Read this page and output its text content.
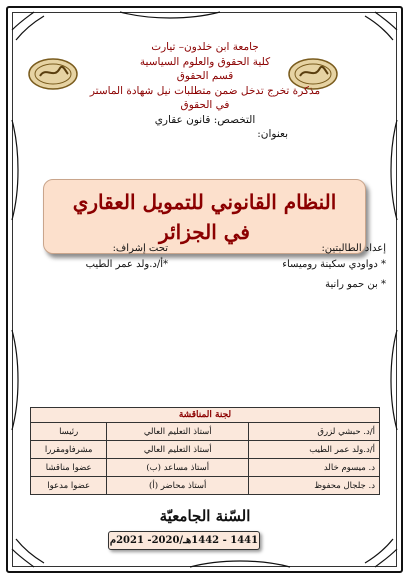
جامعة ابن خلدون– تيارت
كلية الحقوق والعلوم السياسية
قسم الحقوق
مذكرة تخرج تدخل ضمن متطلبات نيل شهادة الماستر
في الحقوق
التخصص: قانون عقاري
بعنوان:
النظام القانوني للتمويل العقاري
في الجزائر
إعداد الطالبتين:
* دواودي سكينة روميساء
* بن حمو رانية
تحت إشراف:
*أ/د.ولد عمر الطيب
لجنة المناقشة		
أ/د. حبشي لزرق	أستاذ التعليم العالي	رئيسا
أ/د.ولد عمر الطيب	أستاذ التعليم العالي	مشرفاومقررا
د. ميسوم خالد	أستاذ مساعد (ب)	عضوا مناقشا
د. جلجال محفوظ	أستاذ محاضر (أ)	عضوا مدعوا
السّنة الجامعيّة
1441 - 1442هـ/2020- 2021م
